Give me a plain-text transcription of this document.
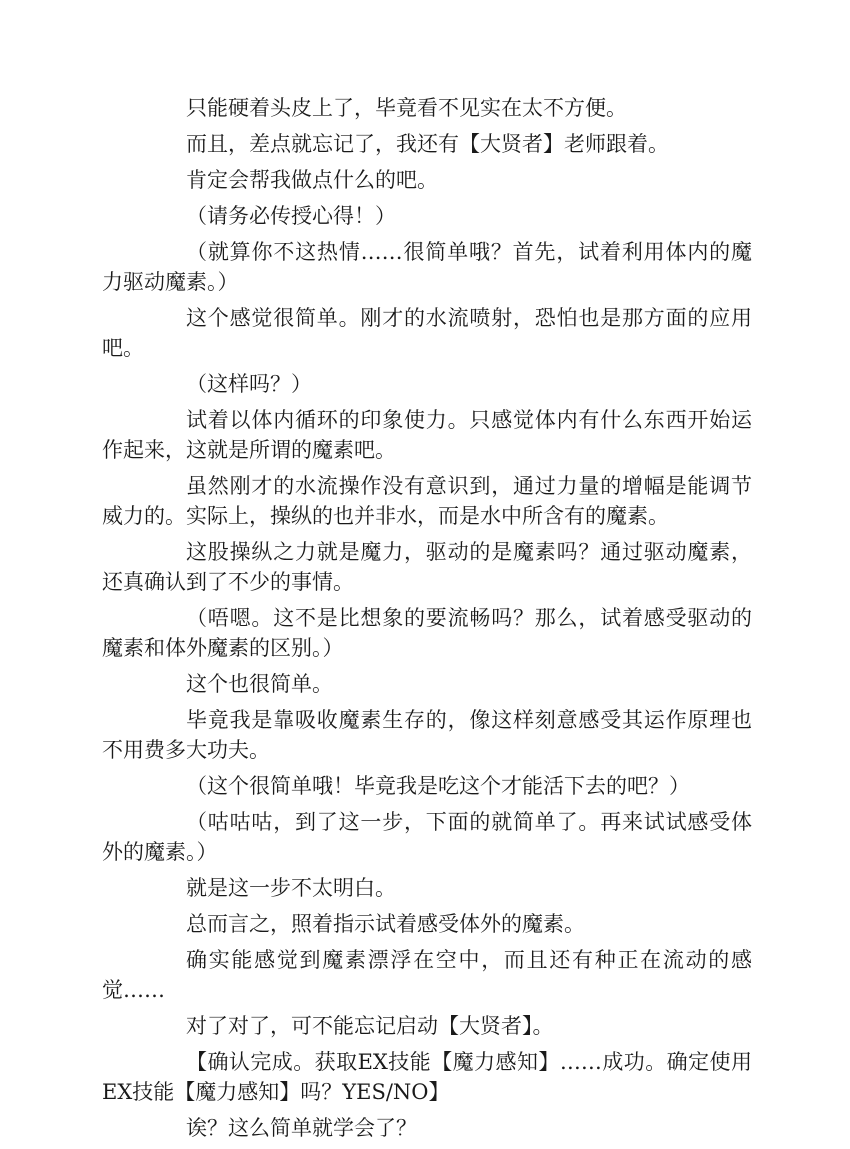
只能硬着头皮上了，毕竟看不见实在太不方便。

而且，差点就忘记了，我还有【大贤者】老师跟着。

肯定会帮我做点什么的吧。

（请务必传授心得！）

（就算你不这热情……很简单哦？首先，试着利用体内的魔力驱动魔素。）

这个感觉很简单。刚才的水流喷射，恐怕也是那方面的应用吧。

（这样吗？）

试着以体内循环的印象使力。只感觉体内有什么东西开始运作起来，这就是所谓的魔素吧。

虽然刚才的水流操作没有意识到，通过力量的增幅是能调节威力的。实际上，操纵的也并非水，而是水中所含有的魔素。

这股操纵之力就是魔力，驱动的是魔素吗？通过驱动魔素，还真确认到了不少的事情。

（唔嗯。这不是比想象的要流畅吗？那么，试着感受驱动的魔素和体外魔素的区别。）

这个也很简单。

毕竟我是靠吸收魔素生存的，像这样刻意感受其运作原理也不用费多大功夫。

（这个很简单哦！毕竟我是吃这个才能活下去的吧？）

（咕咕咕，到了这一步，下面的就简单了。再来试试感受体外的魔素。）

就是这一步不太明白。

总而言之，照着指示试着感受体外的魔素。

确实能感觉到魔素漂浮在空中，而且还有种正在流动的感觉……

对了对了，可不能忘记启动【大贤者】。

【确认完成。获取EX技能【魔力感知】……成功。确定使用EX技能【魔力感知】吗？YES/NO】

诶？这么简单就学会了？
